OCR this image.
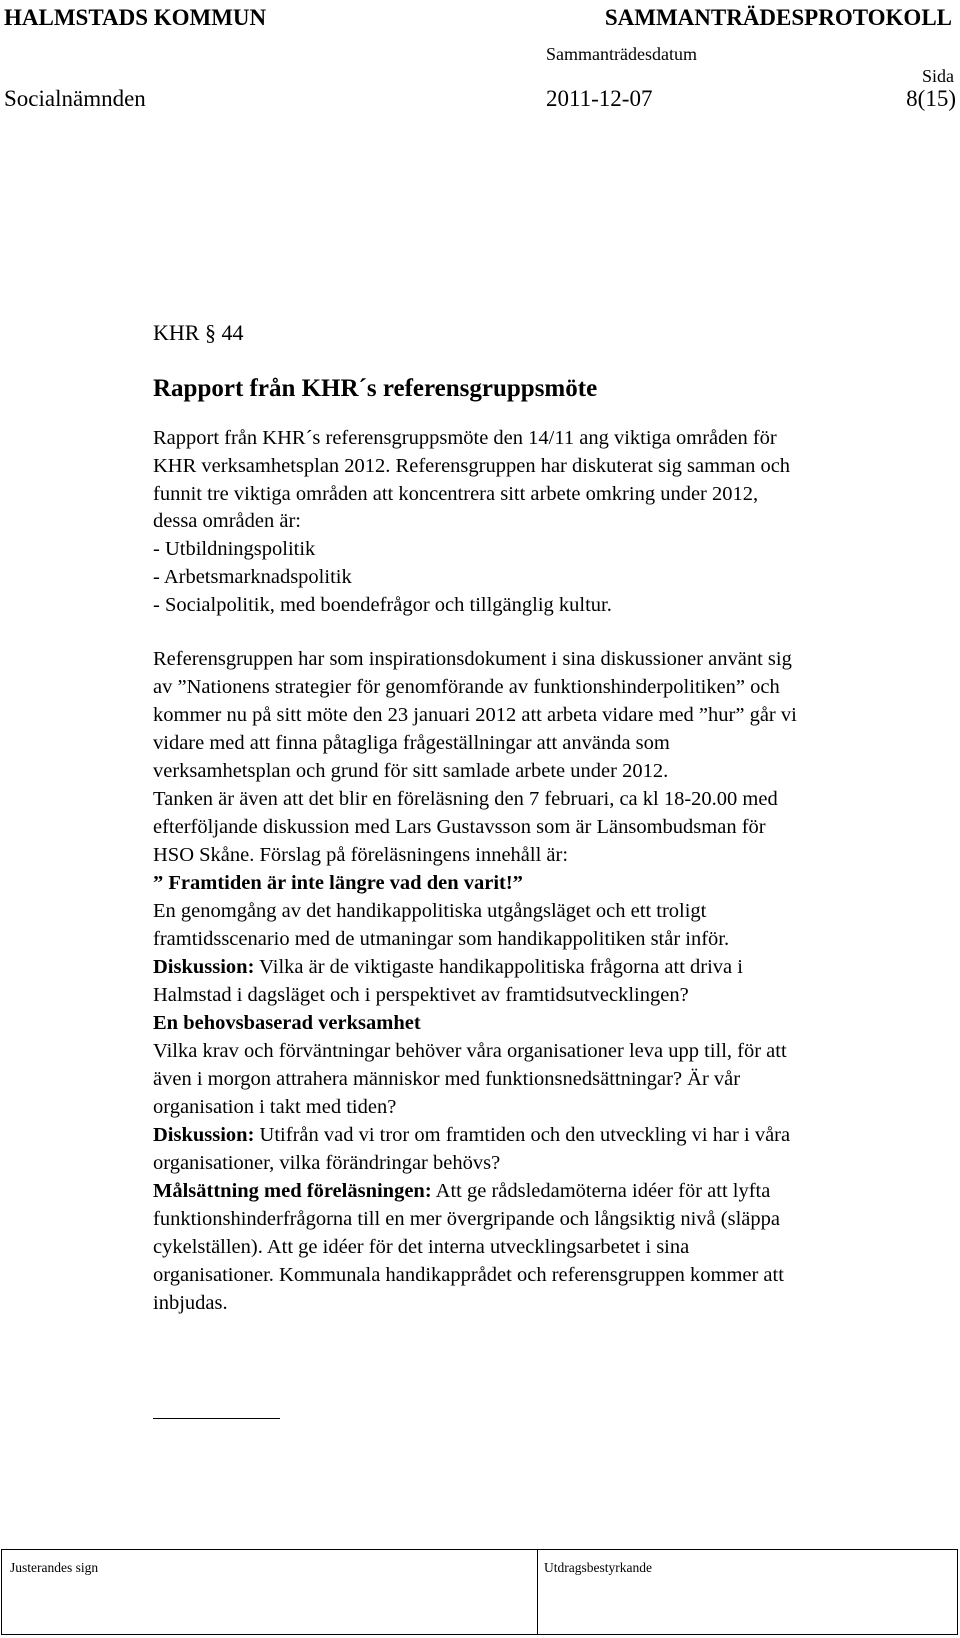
HALMSTADS KOMMUN	SAMMANTRÄDESPROTOKOLL
Sammanträdesdatum
Sida
Socialnämnden	2011-12-07	8(15)
KHR § 44
Rapport från KHR´s referensgruppsmöte
Rapport från KHR´s referensgruppsmöte den 14/11 ang viktiga områden för
KHR verksamhetsplan 2012. Referensgruppen har diskuterat sig samman och
funnit tre viktiga områden att koncentrera sitt arbete omkring under 2012,
dessa områden är:
- Utbildningspolitik
- Arbetsmarknadspolitik
- Socialpolitik, med boendefrågor och tillgänglig kultur.
Referensgruppen har som inspirationsdokument i sina diskussioner använt sig
av ”Nationens strategier för genomförande av funktionshinderpolitiken” och
kommer nu på sitt möte den 23 januari 2012 att arbeta vidare med ”hur” går vi
vidare med att finna påtagliga frågeställningar att använda som
verksamhetsplan och grund för sitt samlade arbete under 2012.
Tanken är även att det blir en föreläsning den 7 februari, ca kl 18-20.00 med
efterföljande diskussion med Lars Gustavsson som är Länsombudsman för
HSO Skåne. Förslag på föreläsningens innehåll är:
” Framtiden är inte längre vad den varit!”
En genomgång av det handikappolitiska utgångsläget och ett troligt
framtidsscenario med de utmaningar som handikappolitiken står inför.
Diskussion: Vilka är de viktigaste handikappolitiska frågorna att driva i
Halmstad i dagsläget och i perspektivet av framtidsutvecklingen?
En behovsbaserad verksamhet
Vilka krav och förväntningar behöver våra organisationer leva upp till, för att
även i morgon attrahera människor med funktionsnedsättningar? Är vår
organisation i takt med tiden?
Diskussion: Utifrån vad vi tror om framtiden och den utveckling vi har i våra
organisationer, vilka förändringar behövs?
Målsättning med föreläsningen: Att ge rådsledamöterna idéer för att lyfta
funktionshinderfrågorna till en mer övergripande och långsiktig nivå (släppa
cykelställen). Att ge idéer för det interna utvecklingsarbetet i sina
organisationer. Kommunala handikapprådet och referensgruppen kommer att
inbjudas.
Justerandes sign	Utdragsbestyrkande
